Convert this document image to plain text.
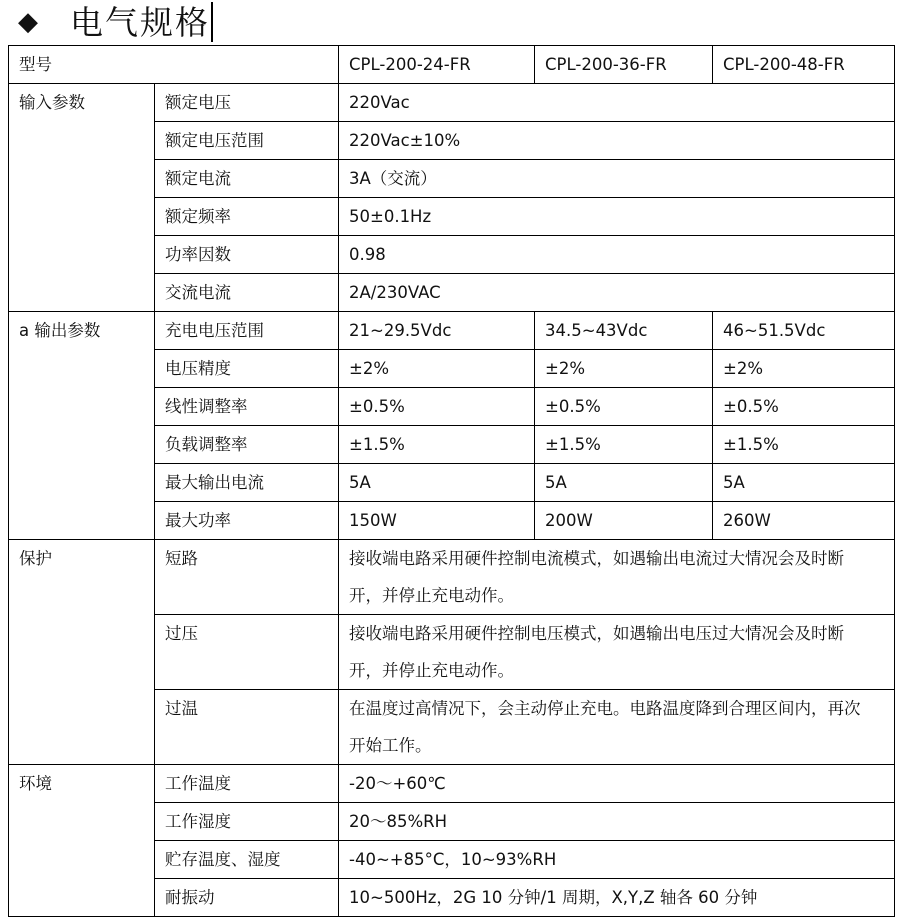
◆ 电气规格
型号		CPL-200-24-FR	CPL-200-36-FR	CPL-200-48-FR
输入参数	额定电压	220Vac		
	额定电压范围	220Vac±10%		
	额定电流	3A（交流）		
	额定频率	50±0.1Hz		
	功率因数	0.98		
	交流电流	2A/230VAC		
a 输出参数	充电电压范围	21~29.5Vdc	34.5~43Vdc	46~51.5Vdc
	电压精度	±2%	±2%	±2%
	线性调整率	±0.5%	±0.5%	±0.5%
	负载调整率	±1.5%	±1.5%	±1.5%
	最大输出电流	5A	5A	5A
	最大功率	150W	200W	260W
保护	短路	接收端电路采用硬件控制电流模式，如遇输出电流过大情况会及时断
开，并停止充电动作。		

	过压	接收端电路采用硬件控制电压模式，如遇输出电压过大情况会及时断
开，并停止充电动作。		

	过温	在温度过高情况下，会主动停止充电。电路温度降到合理区间内，再次
开始工作。		

环境	工作温度	-20～+60℃		
	工作湿度	20～85%RH		
	贮存温度、湿度	-40~+85°C，10~93%RH		
	耐振动	10~500Hz，2G 10 分钟/1 周期，X,Y,Z 轴各 60 分钟		
